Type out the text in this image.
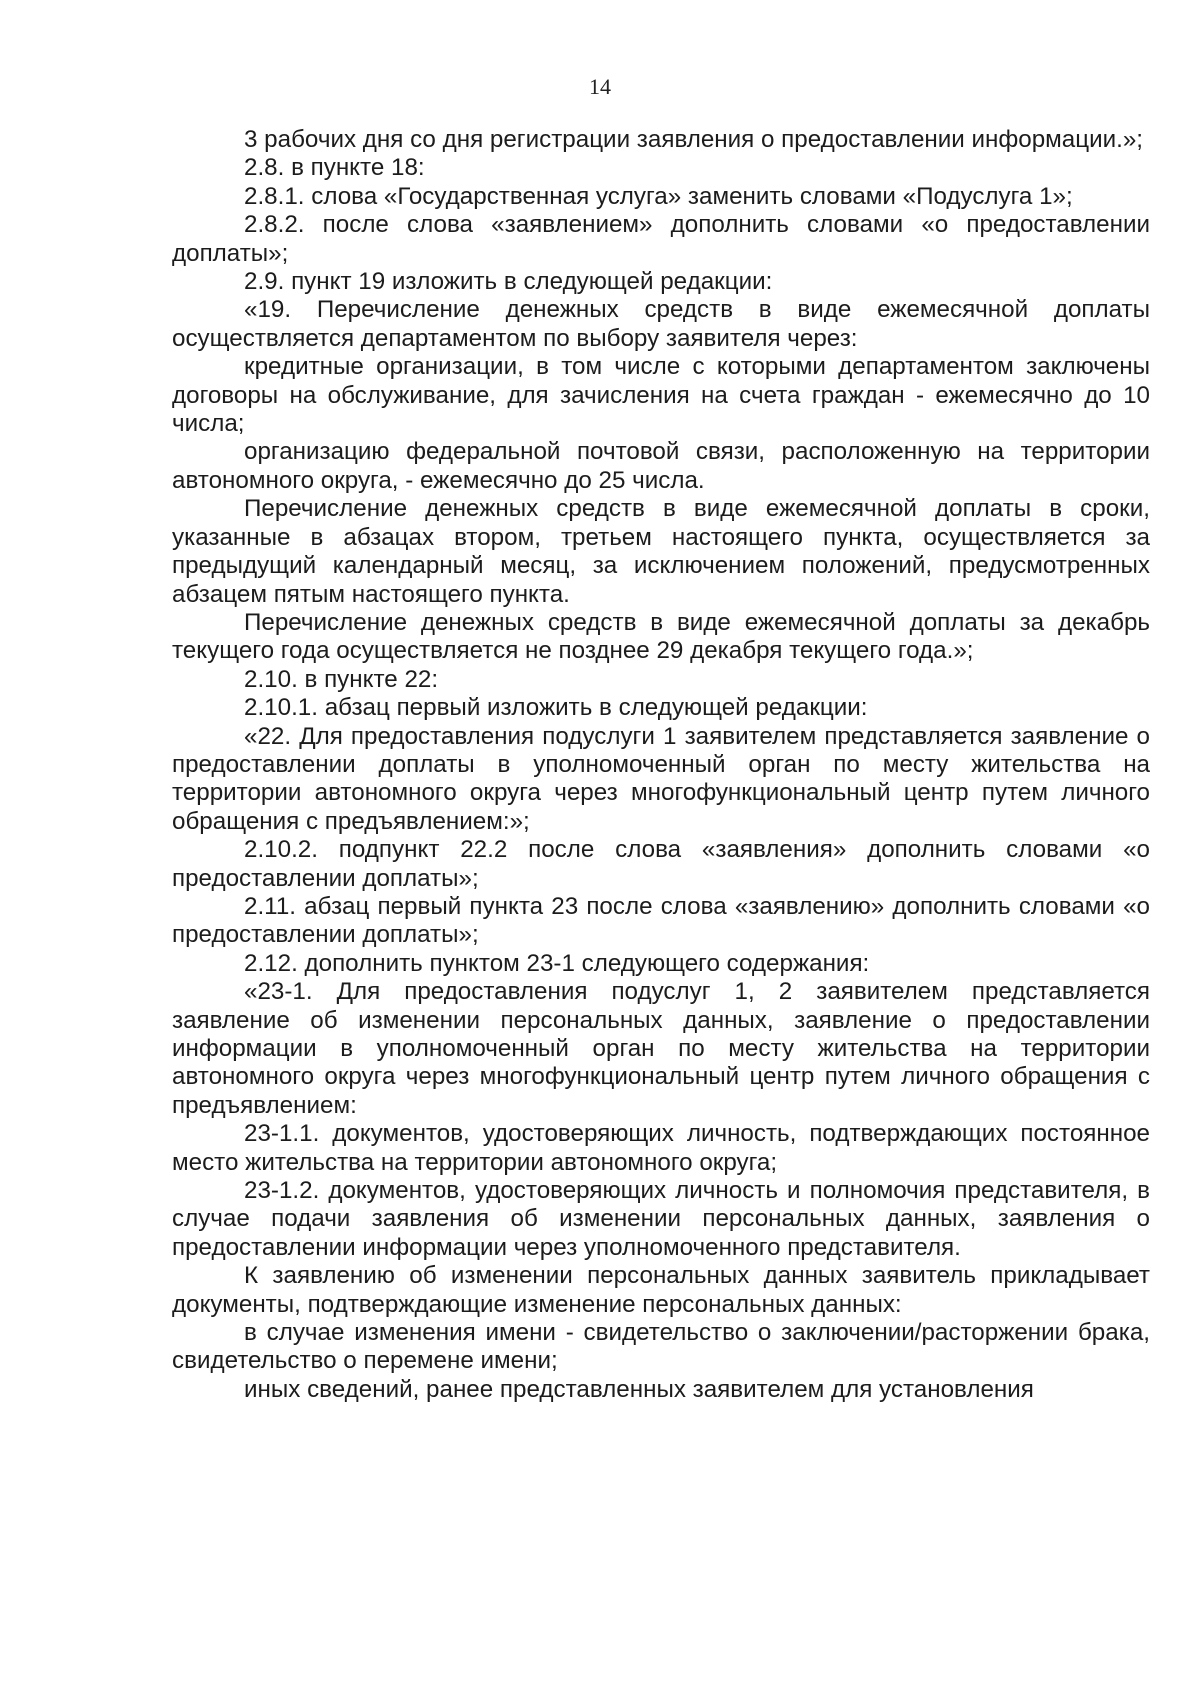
14

3 рабочих дня со дня регистрации заявления о предоставлении информации.»;

2.8. в пункте 18:

2.8.1. слова «Государственная услуга» заменить словами «Подуслуга 1»;

2.8.2. после слова «заявлением» дополнить словами «о предоставлении доплаты»;

2.9. пункт 19 изложить в следующей редакции:

«19. Перечисление денежных средств в виде ежемесячной доплаты осуществляется департаментом по выбору заявителя через:

кредитные организации, в том числе с которыми департаментом заключены договоры на обслуживание, для зачисления на счета граждан - ежемесячно до 10 числа;

организацию федеральной почтовой связи, расположенную на территории автономного округа, - ежемесячно до 25 числа.

Перечисление денежных средств в виде ежемесячной доплаты в сроки, указанные в абзацах втором, третьем настоящего пункта, осуществляется за предыдущий календарный месяц, за исключением положений, предусмотренных абзацем пятым настоящего пункта.

Перечисление денежных средств в виде ежемесячной доплаты за декабрь текущего года осуществляется не позднее 29 декабря текущего года.»;

2.10. в пункте 22:

2.10.1. абзац первый изложить в следующей редакции:

«22. Для предоставления подуслуги 1 заявителем представляется заявление о предоставлении доплаты в уполномоченный орган по месту жительства на территории автономного округа через многофункциональный центр путем личного обращения с предъявлением:»;

2.10.2. подпункт 22.2 после слова «заявления» дополнить словами «о предоставлении доплаты»;

2.11. абзац первый пункта 23 после слова «заявлению» дополнить словами «о предоставлении доплаты»;

2.12. дополнить пунктом 23-1 следующего содержания:

«23-1. Для предоставления подуслуг 1, 2 заявителем представляется заявление об изменении персональных данных, заявление о предоставлении информации в уполномоченный орган по месту жительства на территории автономного округа через многофункциональный центр путем личного обращения с предъявлением:

23-1.1. документов, удостоверяющих личность, подтверждающих постоянное место жительства на территории автономного округа;

23-1.2. документов, удостоверяющих личность и полномочия представителя, в случае подачи заявления об изменении персональных данных, заявления о предоставлении информации через уполномоченного представителя.

К заявлению об изменении персональных данных заявитель прикладывает документы, подтверждающие изменение персональных данных:

в случае изменения имени - свидетельство о заключении/расторжении брака, свидетельство о перемене имени;

иных сведений, ранее представленных заявителем для установления
